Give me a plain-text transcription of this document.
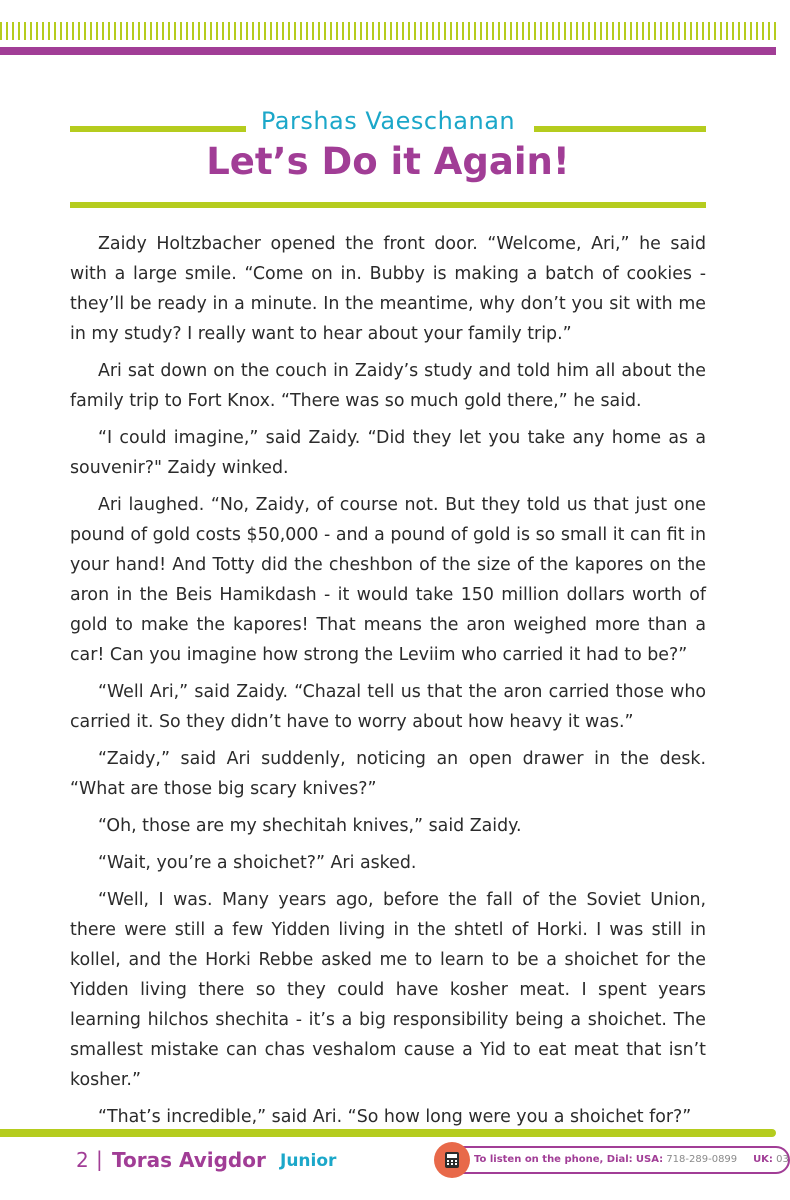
Parshas Vaeschanan
Let’s Do it Again!

Zaidy Holtzbacher opened the front door. “Welcome, Ari,” he said with a large smile. “Come on in. Bubby is making a batch of cookies - they’ll be ready in a minute. In the meantime, why don’t you sit with me in my study? I really want to hear about your family trip.”

Ari sat down on the couch in Zaidy’s study and told him all about the family trip to Fort Knox. “There was so much gold there,” he said.

“I could imagine,” said Zaidy. “Did they let you take any home as a souvenir?" Zaidy winked.

Ari laughed. “No, Zaidy, of course not. But they told us that just one pound of gold costs $50,000 - and a pound of gold is so small it can fit in your hand! And Totty did the cheshbon of the size of the kapores on the aron in the Beis Hamikdash - it would take 150 million dollars worth of gold to make the kapores! That means the aron weighed more than a car! Can you imagine how strong the Leviim who carried it had to be?”

“Well Ari,” said Zaidy. “Chazal tell us that the aron carried those who carried it. So they didn’t have to worry about how heavy it was.”

“Zaidy,” said Ari suddenly, noticing an open drawer in the desk. “What are those big scary knives?”

“Oh, those are my shechitah knives,” said Zaidy.

“Wait, you’re a shoichet?” Ari asked.

“Well, I was. Many years ago, before the fall of the Soviet Union, there were still a few Yidden living in the shtetl of Horki. I was still in kollel, and the Horki Rebbe asked me to learn to be a shoichet for the Yidden living there so they could have kosher meat. I spent years learning hilchos shechita - it’s a big responsibility being a shoichet. The smallest mistake can chas veshalom cause a Yid to eat meat that isn’t kosher.”

“That’s incredible,” said Ari. “So how long were you a shoichet for?”

2 | Toras Avigdor Junior	To listen on the phone, Dial: USA: 718-289-0899 UK: 03
